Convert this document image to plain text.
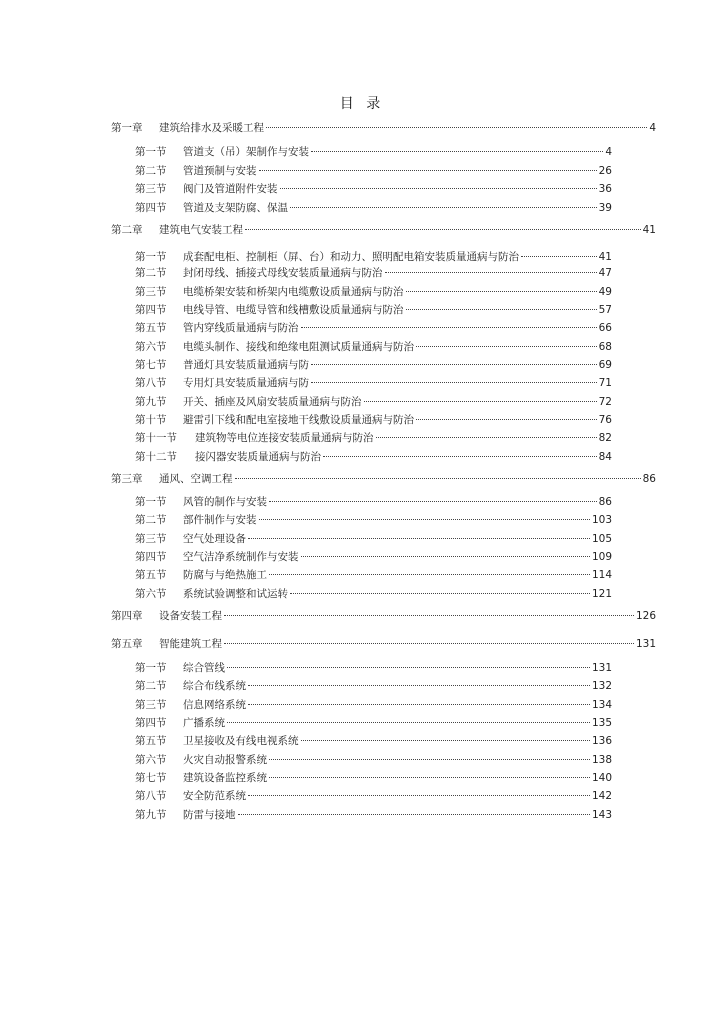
目 录
第一章	建筑给排水及采暖工程	4
第一节	管道支（吊）架制作与安装	4
第二节	管道预制与安装	26
第三节	阀门及管道附件安装	36
第四节	管道及支架防腐、保温	39
第二章	建筑电气安装工程	41
第一节	成套配电柜、控制柜（屏、台）和动力、照明配电箱安装质量通病与防治	41
第二节	封闭母线、插接式母线安装质量通病与防治	47
第三节	电缆桥架安装和桥架内电缆敷设质量通病与防治	49
第四节	电线导管、电缆导管和线槽敷设质量通病与防治	57
第五节	管内穿线质量通病与防治	66
第六节	电缆头制作、接线和绝缘电阻测试质量通病与防治	68
第七节	普通灯具安装质量通病与防	69
第八节	专用灯具安装质量通病与防	71
第九节	开关、插座及风扇安装质量通病与防治	72
第十节	避雷引下线和配电室接地干线敷设质量通病与防治	76
第十一节	建筑物等电位连接安装质量通病与防治	82
第十二节	接闪器安装质量通病与防治	84
第三章	通风、空调工程	86
第一节	风管的制作与安装	86
第二节	部件制作与安装	103
第三节	空气处理设备	105
第四节	空气洁净系统制作与安装	109
第五节	防腐与与绝热施工	114
第六节	系统试验调整和试运转	121
第四章	设备安装工程	126
第五章	智能建筑工程	131
第一节	综合管线	131
第二节	综合布线系统	132
第三节	信息网络系统	134
第四节	广播系统	135
第五节	卫星接收及有线电视系统	136
第六节	火灾自动报警系统	138
第七节	建筑设备监控系统	140
第八节	安全防范系统	142
第九节	防雷与接地	143
